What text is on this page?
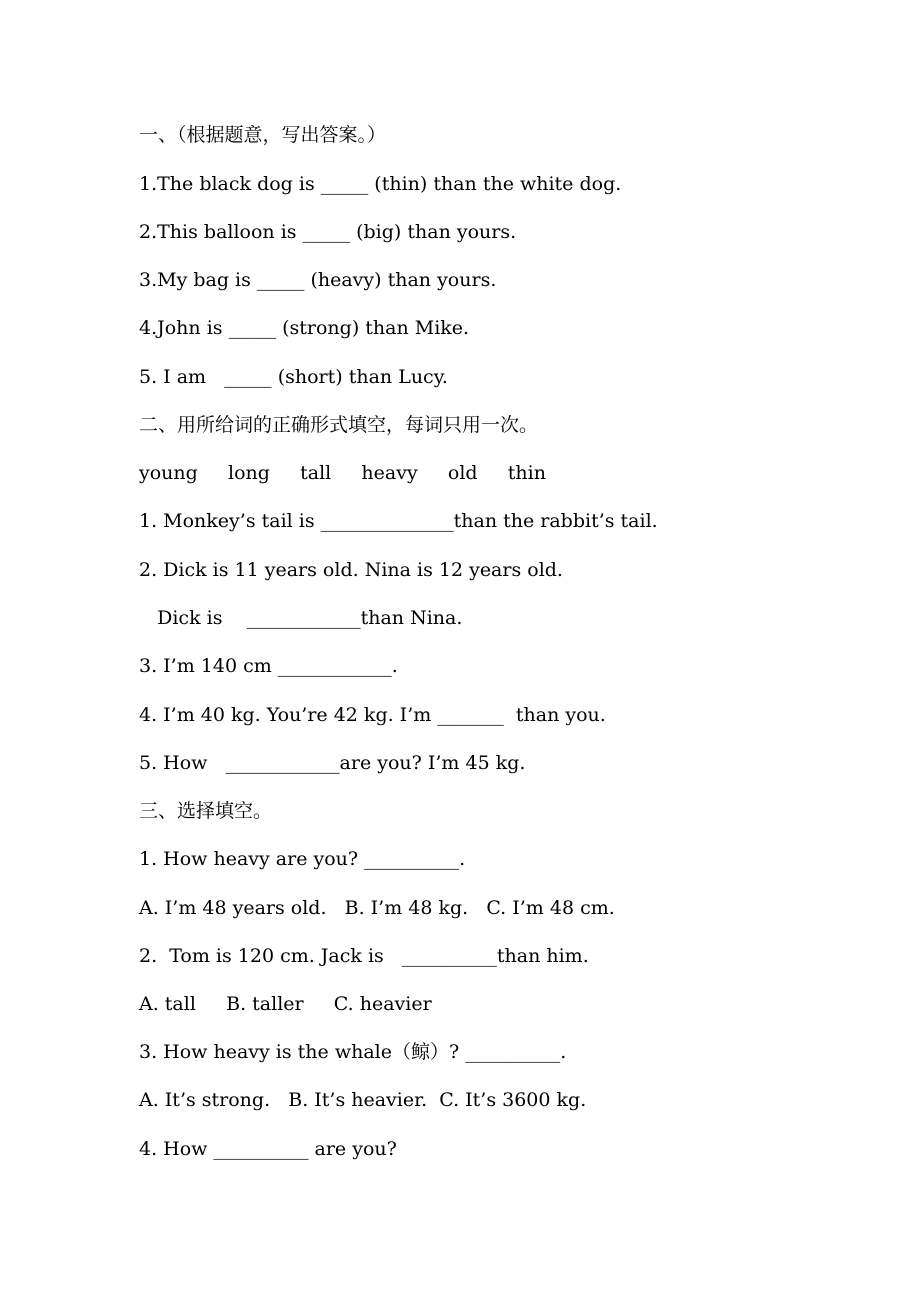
一、（根据题意，写出答案。）
1.The black dog is _____ (thin) than the white dog.
2.This balloon is _____ (big) than yours.
3.My bag is _____ (heavy) than yours.
4.John is _____ (strong) than Mike.
5. I am   _____ (short) than Lucy.
二、用所给词的正确形式填空，每词只用一次。
young     long     tall     heavy     old     thin
1. Monkey’s tail is ______________than the rabbit’s tail.
2. Dick is 11 years old. Nina is 12 years old.
Dick is    ____________than Nina.
3. I’m 140 cm ____________.
4. I’m 40 kg. You’re 42 kg. I’m _______  than you.
5. How   ____________are you? I’m 45 kg.
三、选择填空。
1. How heavy are you? __________.
A. I’m 48 years old.   B. I’m 48 kg.   C. I’m 48 cm.
2.  Tom is 120 cm. Jack is   __________than him.
A. tall     B. taller     C. heavier
3. How heavy is the whale（鲸）? __________.
A. It’s strong.   B. It’s heavier.  C. It’s 3600 kg.
4. How __________ are you?
